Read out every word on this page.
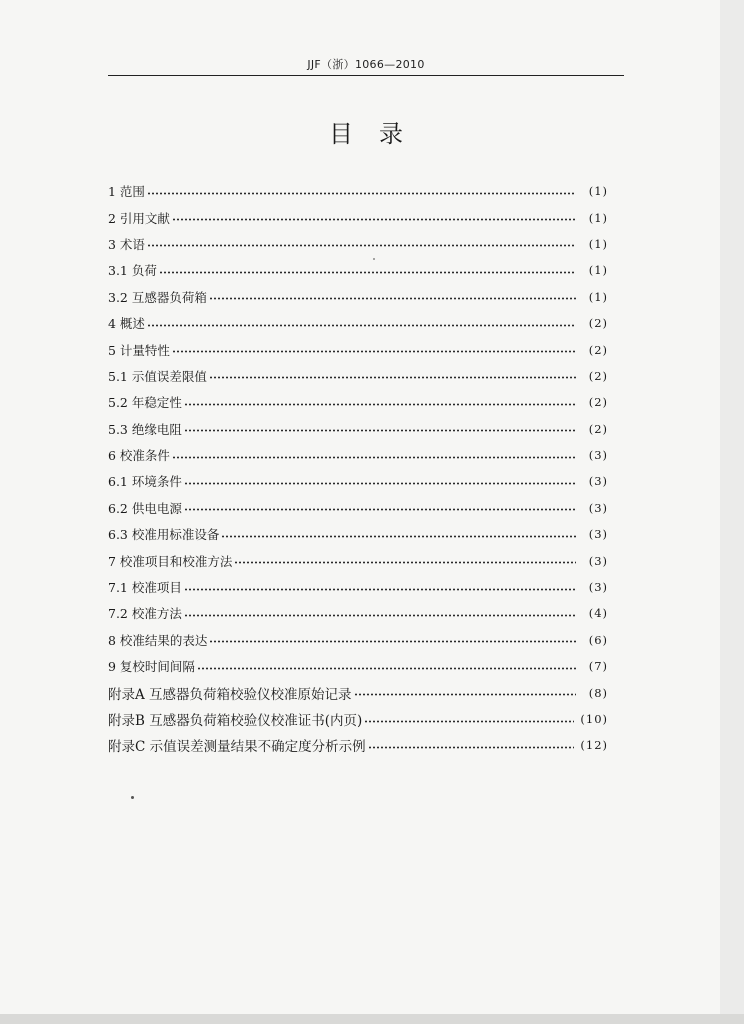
JJF（浙）1066—2010
目录
1 范围	(1)
2 引用文献	(1)
3 术语	(1)
3.1 负荷	(1)
3.2 互感器负荷箱	(1)
4 概述	(2)
5 计量特性	(2)
5.1 示值误差限值	(2)
5.2 年稳定性	(2)
5.3 绝缘电阻	(2)
6 校准条件	(3)
6.1 环境条件	(3)
6.2 供电电源	(3)
6.3 校准用标准设备	(3)
7 校准项目和校准方法	(3)
7.1 校准项目	(3)
7.2 校准方法	(4)
8 校准结果的表达	(6)
9 复校时间间隔	(7)
附录A 互感器负荷箱校验仪校准原始记录	(8)
附录B 互感器负荷箱校验仪校准证书(内页)	(10)
附录C 示值误差测量结果不确定度分析示例	(12)
